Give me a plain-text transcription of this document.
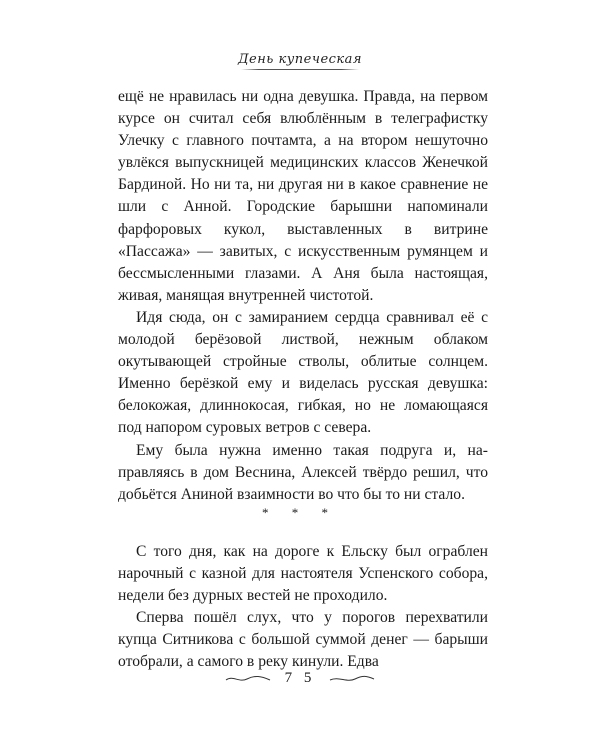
День купеческая

ещё не нравилась ни одна девушка. Правда, на первом курсе он считал себя влюблённым в телеграфистку Улечку с главного почтамта, а на втором нешуточно увлёкся выпускницей медицинских классов Женечкой Бардиной. Но ни та, ни другая ни в какое сравнение не шли с Анной. Городские барышни напоминали фарфоровых кукол, выставленных в витрине «Пассажа» — завитых, с искусственным румянцем и бессмысленными глазами. А Аня была настоящая, живая, манящая внутренней чистотой.

Идя сюда, он с замиранием сердца сравнивал её с молодой берёзовой листвой, нежным облаком окутывающей стройные стволы, облитые солнцем. Именно берёзкой ему и виделась русская девушка: белокожая, длиннокосая, гибкая, но не ломающаяся под напором суровых ветров с севера.

Ему была нужна именно такая подруга и, направляясь в дом Веснина, Алексей твёрдо решил, что добьётся Аниной взаимности во что бы то ни стало.

* * *

С того дня, как на дороге к Ельску был ограблен нарочный с казной для настоятеля Успенского собора, недели без дурных вестей не проходило.

Сперва пошёл слух, что у порогов перехватили купца Ситникова с большой суммой денег — барыши отобрали, а самого в реку кинули. Едва

7 5
